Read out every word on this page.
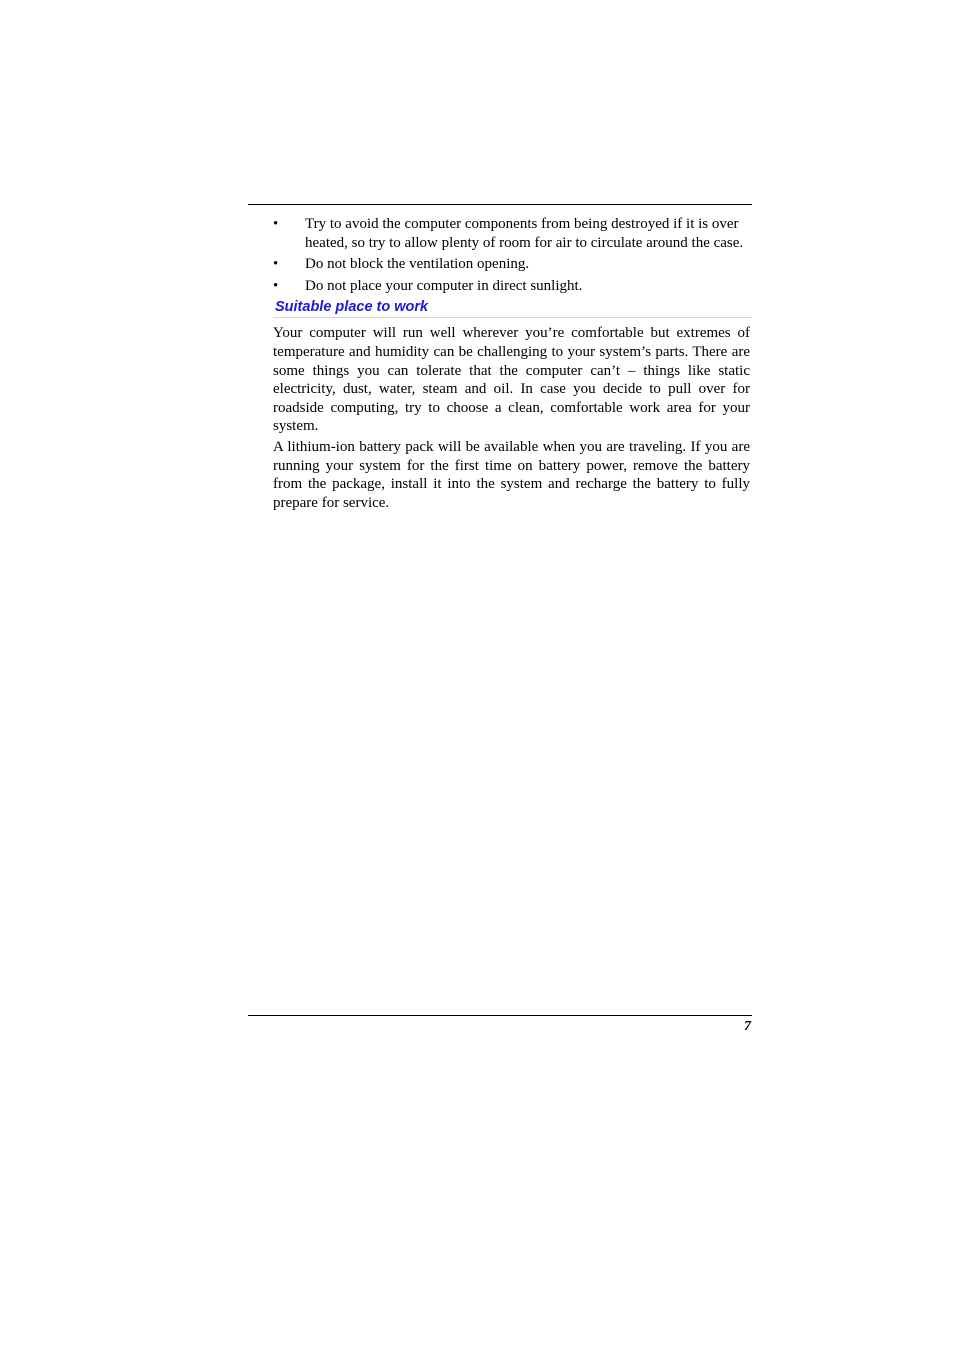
•	Try to avoid the computer components from being destroyed if it is over heated, so try to allow plenty of room for air to circulate around the case.
•	Do not block the ventilation opening.
•	Do not place your computer in direct sunlight.
Suitable place to work

Your computer will run well wherever you’re comfortable but extremes of temperature and humidity can be challenging to your system’s parts. There are some things you can tolerate that the computer can’t – things like static electricity, dust, water, steam and oil. In case you decide to pull over for roadside computing, try to choose a clean, comfortable work area for your system.

A lithium-ion battery pack will be available when you are traveling. If you are running your system for the first time on battery power, remove the battery from the package, install it into the system and recharge the battery to fully prepare for service.

7
